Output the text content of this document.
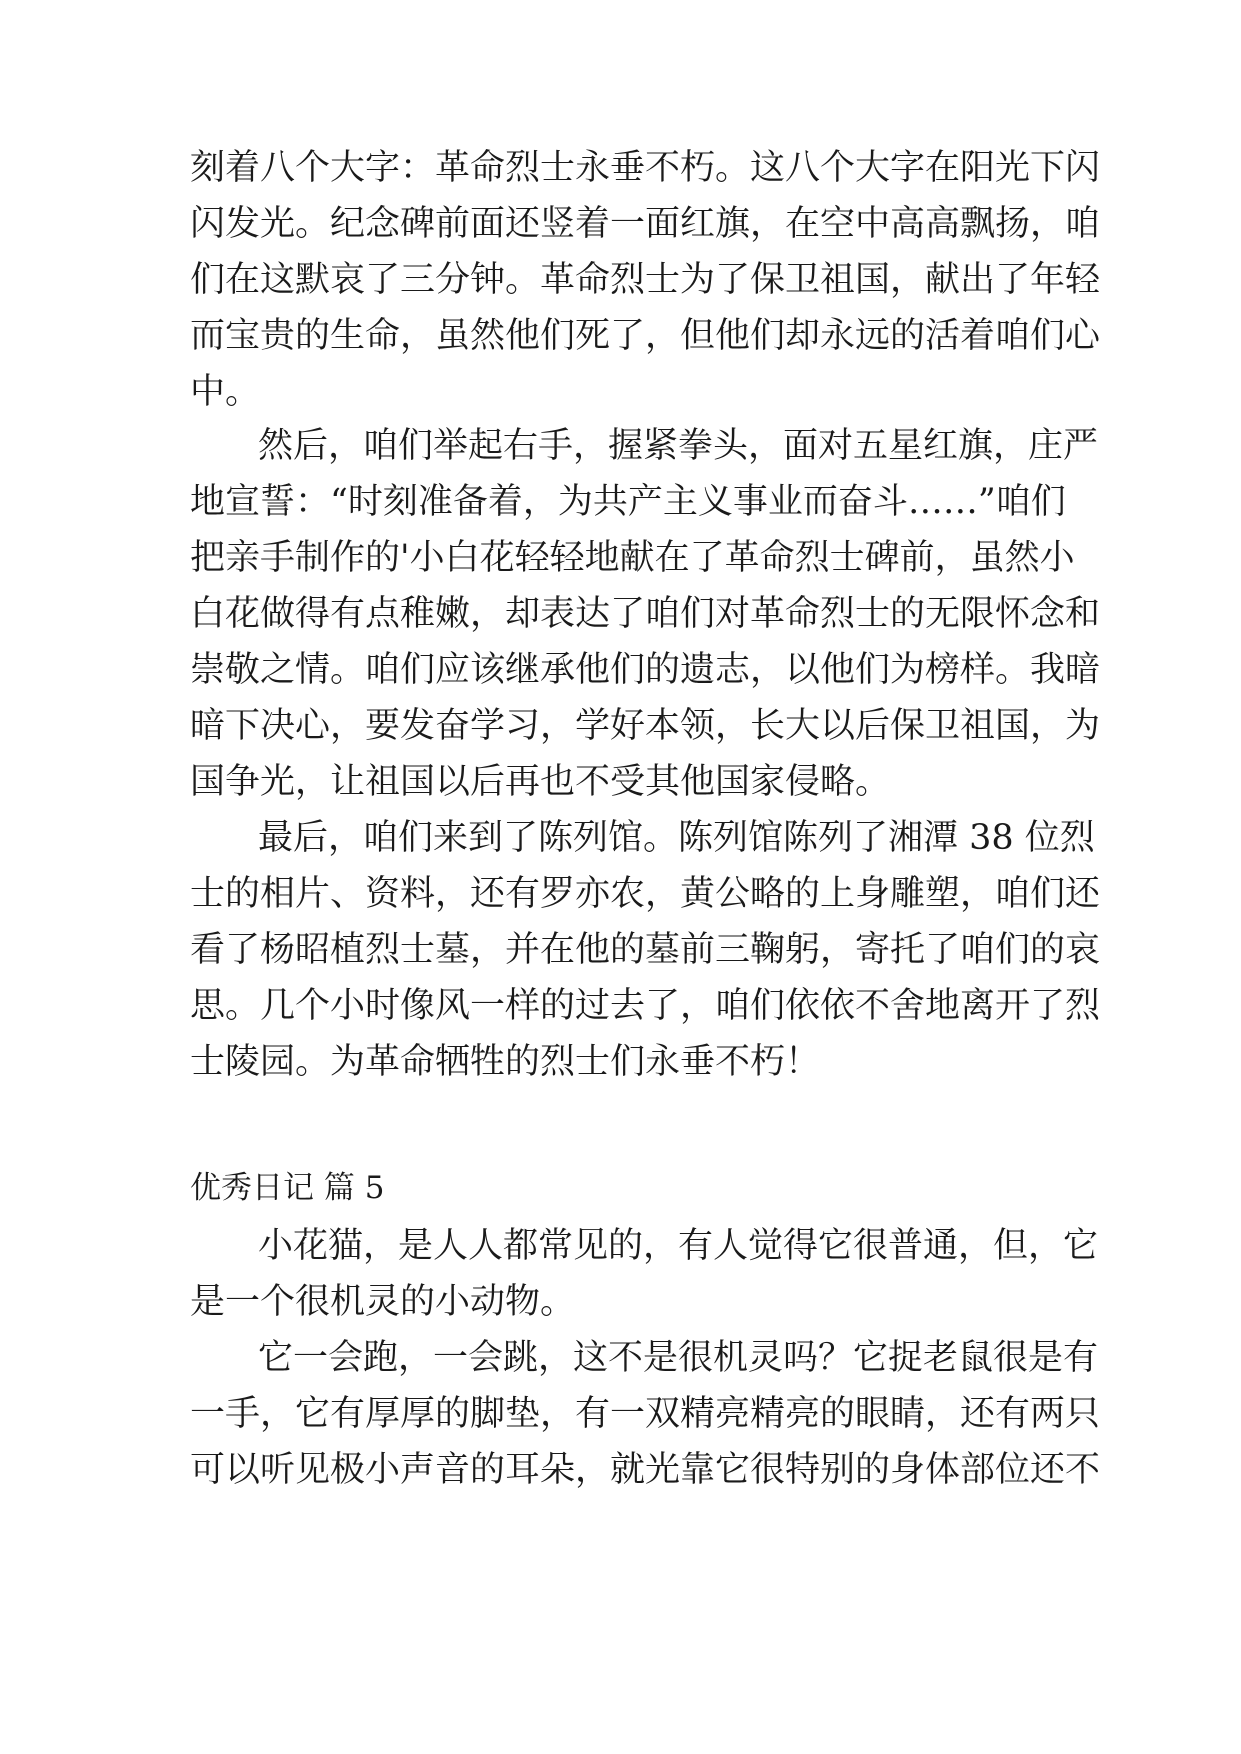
刻着八个大字：革命烈士永垂不朽。这八个大字在阳光下闪
闪发光。纪念碑前面还竖着一面红旗，在空中高高飘扬，咱
们在这默哀了三分钟。革命烈士为了保卫祖国，献出了年轻
而宝贵的生命，虽然他们死了，但他们却永远的活着咱们心
中。
然后，咱们举起右手，握紧拳头，面对五星红旗，庄严
地宣誓：“时刻准备着，为共产主义事业而奋斗……”咱们
把亲手制作的'小白花轻轻地献在了革命烈士碑前，虽然小
白花做得有点稚嫩，却表达了咱们对革命烈士的无限怀念和
崇敬之情。咱们应该继承他们的遗志，以他们为榜样。我暗
暗下决心，要发奋学习，学好本领，长大以后保卫祖国，为
国争光，让祖国以后再也不受其他国家侵略。
最后，咱们来到了陈列馆。陈列馆陈列了湘潭 38 位烈
士的相片、资料，还有罗亦农，黄公略的上身雕塑，咱们还
看了杨昭植烈士墓，并在他的墓前三鞠躬，寄托了咱们的哀
思。几个小时像风一样的过去了，咱们依依不舍地离开了烈
士陵园。为革命牺牲的烈士们永垂不朽！
优秀日记 篇 5
小花猫，是人人都常见的，有人觉得它很普通，但，它
是一个很机灵的小动物。
它一会跑，一会跳，这不是很机灵吗？它捉老鼠很是有
一手，它有厚厚的脚垫，有一双精亮精亮的眼睛，还有两只
可以听见极小声音的耳朵，就光靠它很特别的身体部位还不
